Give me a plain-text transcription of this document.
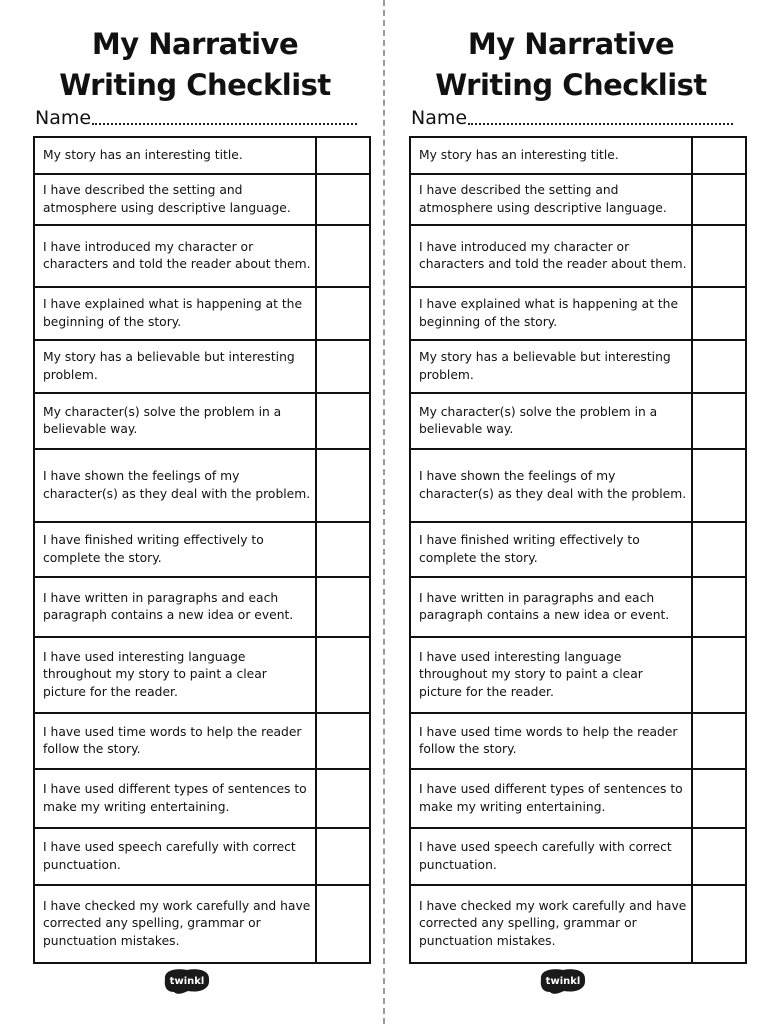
My Narrative
Writing Checklist
Name
My story has an interesting title.	
I have described the setting and atmosphere using descriptive language.	
I have introduced my character or characters and told the reader about them.	
I have explained what is happening at the beginning of the story.	
My story has a believable but interesting problem.	
My character(s) solve the problem in a believable way.	
I have shown the feelings of my character(s) as they deal with the problem.	
I have finished writing effectively to complete the story.	
I have written in paragraphs and each paragraph contains a new idea or event.	
I have used interesting language throughout my story to paint a clear picture for the reader.	
I have used time words to help the reader follow the story.	
I have used different types of sentences to make my writing entertaining.	
I have used speech carefully with correct punctuation.	
I have checked my work carefully and have corrected any spelling, grammar or punctuation mistakes.	
twinkl
My Narrative
Writing Checklist
Name
My story has an interesting title.	
I have described the setting and atmosphere using descriptive language.	
I have introduced my character or characters and told the reader about them.	
I have explained what is happening at the beginning of the story.	
My story has a believable but interesting problem.	
My character(s) solve the problem in a believable way.	
I have shown the feelings of my character(s) as they deal with the problem.	
I have finished writing effectively to complete the story.	
I have written in paragraphs and each paragraph contains a new idea or event.	
I have used interesting language throughout my story to paint a clear picture for the reader.	
I have used time words to help the reader follow the story.	
I have used different types of sentences to make my writing entertaining.	
I have used speech carefully with correct punctuation.	
I have checked my work carefully and have corrected any spelling, grammar or punctuation mistakes.	
twinkl
